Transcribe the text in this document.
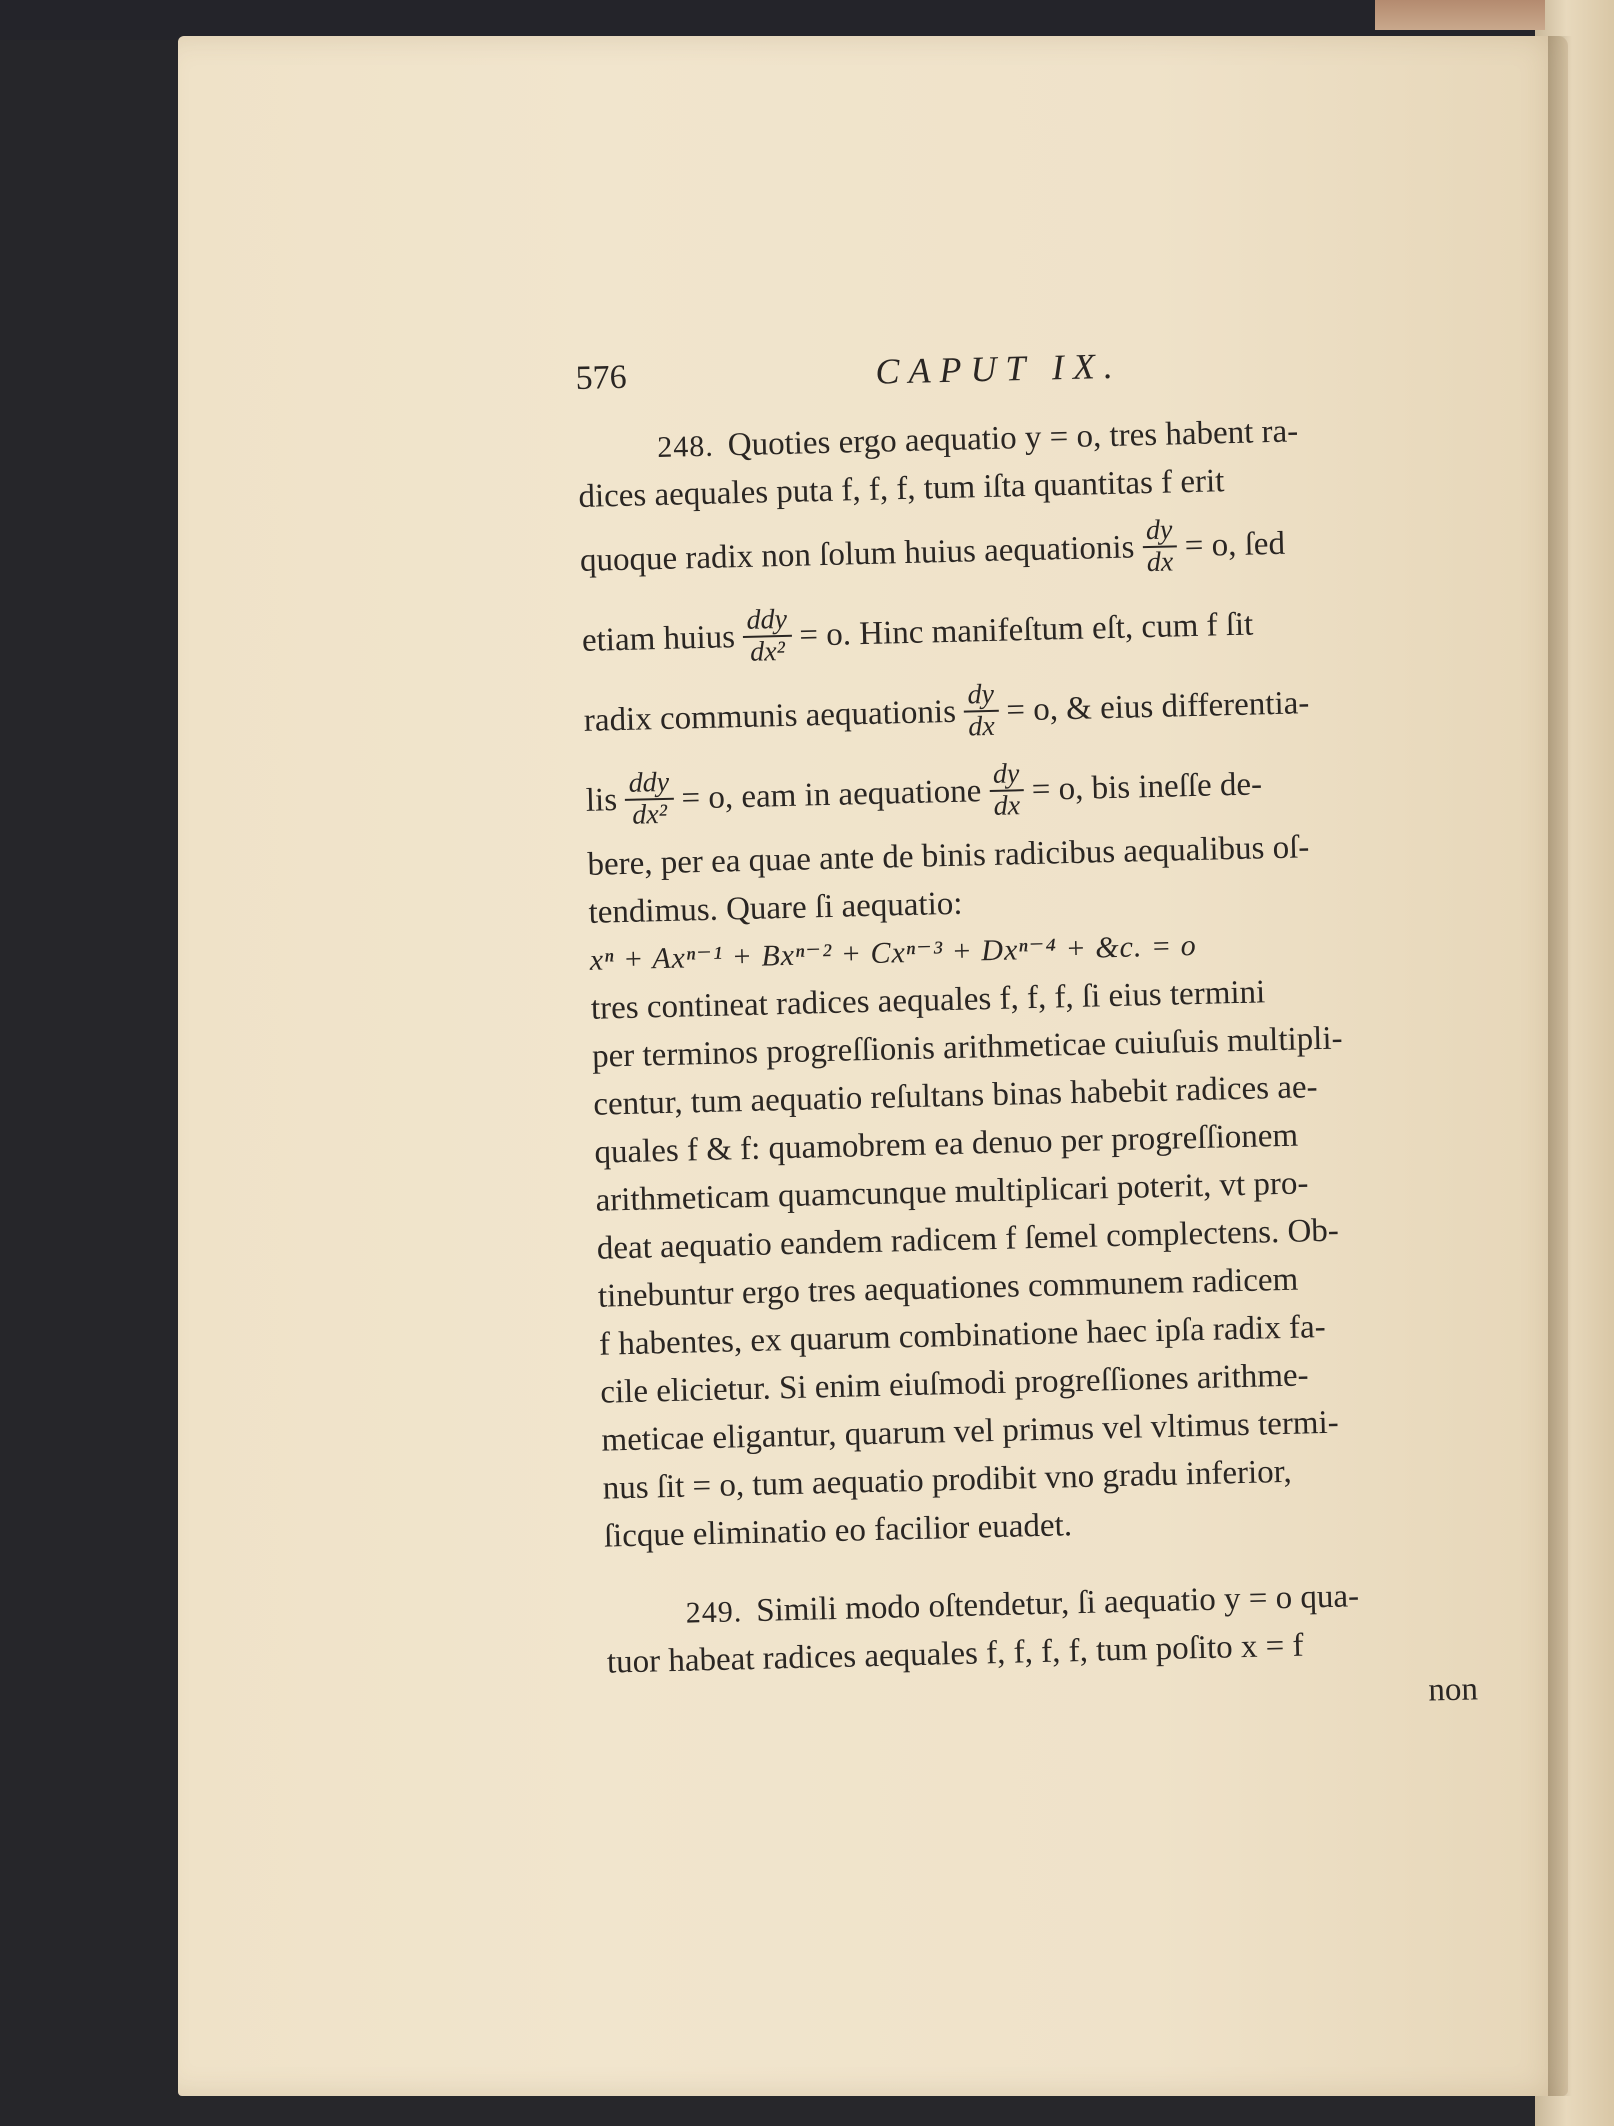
576	CAPUT IX.
248. Quoties ergo aequatio y = o, tres habent ra-
dices aequales puta f, f, f, tum iſta quantitas f erit
quoque radix non ſolum huius aequationis $\frac{dy}{dx} = o$, ſed
etiam huius $\frac{\text{ddy}}{\text{dx²}} = o$. Hinc manifeſtum eſt, cum f ſit
radix communis aequationis $\frac{dy}{dx} = o$, & eius differentia-
lis $\frac{\text{ddy}}{\text{dx²}} = o$, eam in aequatione $\frac{dy}{dx} = o$, bis ineſſe de-
bere, per ea quae ante de binis radicibus aequalibus oſ-
tendimus. Quare ſi aequatio:
xⁿ + Axⁿ⁻¹ + Bxⁿ⁻² + Cxⁿ⁻³ + Dxⁿ⁻⁴ + &c. = o
tres contineat radices aequales f, f, f, ſi eius termini
per terminos progreſſionis arithmeticae cuiuſuis multipli-
centur, tum aequatio reſultans binas habebit radices ae-
quales f & f: quamobrem ea denuo per progreſſionem
arithmeticam quamcunque multiplicari poterit, vt pro-
deat aequatio eandem radicem f ſemel complectens. Ob-
tinebuntur ergo tres aequationes communem radicem
f habentes, ex quarum combinatione haec ipſa radix fa-
cile elicietur. Si enim eiuſmodi progreſſiones arithme-
meticae eligantur, quarum vel primus vel vltimus termi-
nus ſit = o, tum aequatio prodibit vno gradu inferior,
ſicque eliminatio eo facilior euadet.
249. Simili modo oſtendetur, ſi aequatio y = o qua-
tuor habeat radices aequales f, f, f, f, tum poſito x = f
non
